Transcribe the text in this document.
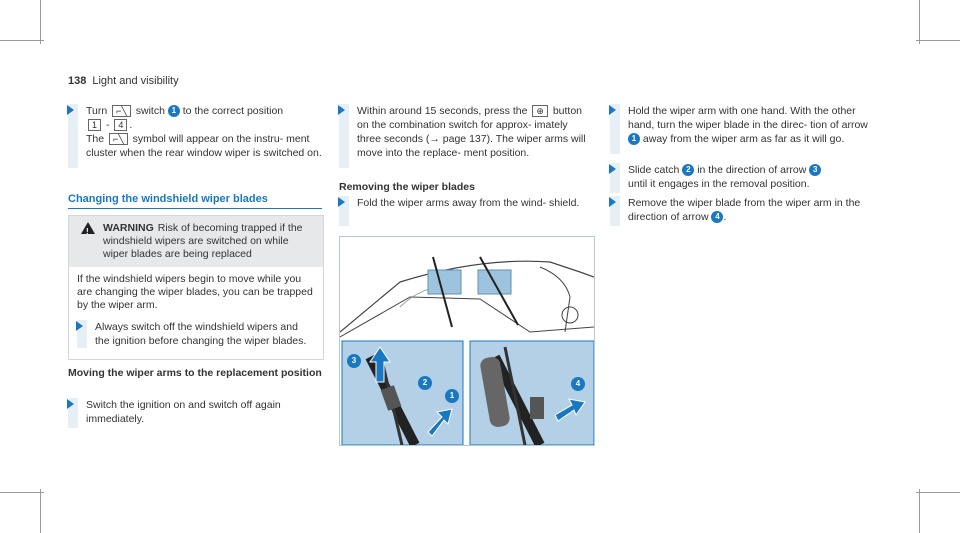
138 Light and visibility
Turn ⌐╲ switch 1 to the correct position
1 - 4 .
The ⌐╲ symbol will appear on the instru- ment cluster when the rear window wiper is switched on.
Changing the windshield wiper blades
! WARNING Risk of becoming trapped if the windshield wipers are switched on while wiper blades are being replaced
If the windshield wipers begin to move while you are changing the wiper blades, you can be trapped by the wiper arm.
Always switch off the windshield wipers and the ignition before changing the wiper blades.
Moving the wiper arms to the replacement position
Switch the ignition on and switch off again immediately.
Within around 15 seconds, press the ⊕ button on the combination switch for approx- imately three seconds (→ page 137). The wiper arms will move into the replace- ment position.
Removing the wiper blades
Fold the wiper arms away from the wind- shield.
3
2
1
4
Hold the wiper arm with one hand. With the other hand, turn the wiper blade in the direc- tion of arrow 1 away from the wiper arm as far as it will go.
Slide catch 2 in the direction of arrow 3
until it engages in the removal position.
Remove the wiper blade from the wiper arm in the direction of arrow 4 .
